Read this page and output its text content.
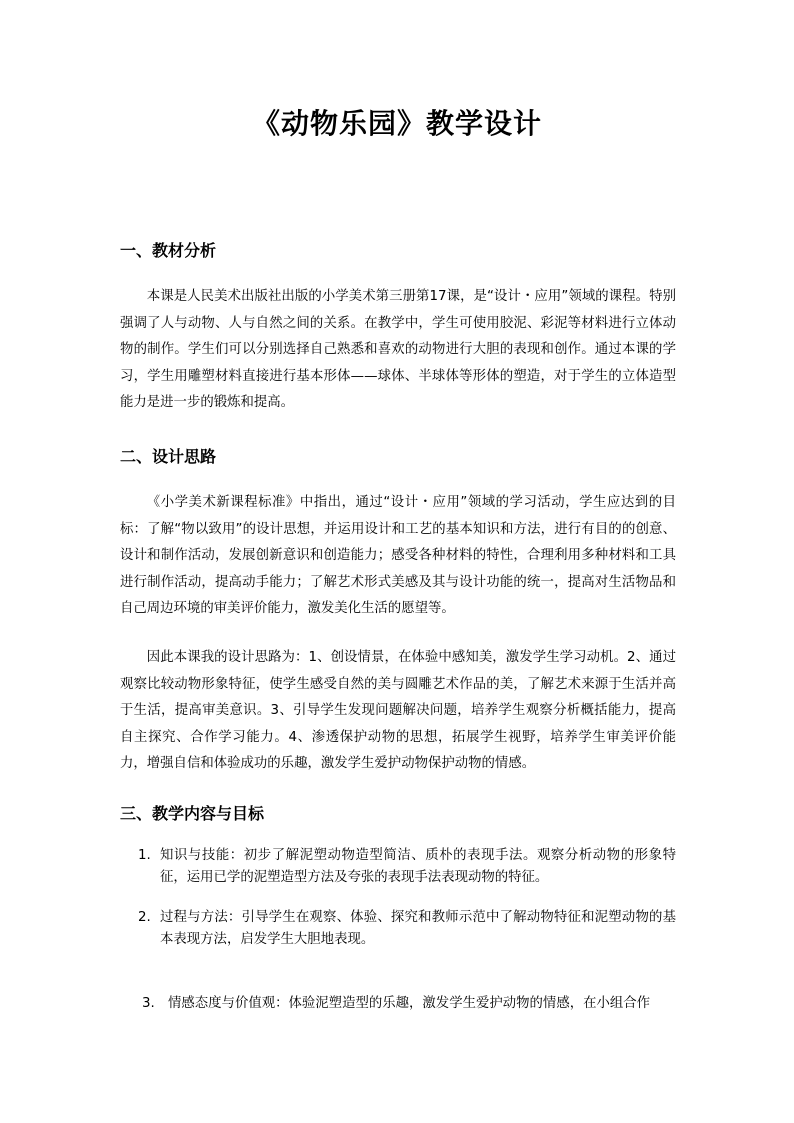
《动物乐园》教学设计
一、教材分析

本课是人民美术出版社出版的小学美术第三册第17课，是“设计・应用”领域的课程。特别强调了人与动物、人与自然之间的关系。在教学中，学生可使用胶泥、彩泥等材料进行立体动物的制作。学生们可以分别选择自己熟悉和喜欢的动物进行大胆的表现和创作。通过本课的学习，学生用雕塑材料直接进行基本形体——球体、半球体等形体的塑造，对于学生的立体造型能力是进一步的锻炼和提高。

二、设计思路

《小学美术新课程标准》中指出，通过“设计・应用”领域的学习活动，学生应达到的目标：了解“物以致用”的设计思想，并运用设计和工艺的基本知识和方法，进行有目的的创意、设计和制作活动，发展创新意识和创造能力；感受各种材料的特性，合理利用多种材料和工具进行制作活动，提高动手能力；了解艺术形式美感及其与设计功能的统一，提高对生活物品和自己周边环境的审美评价能力，激发美化生活的愿望等。

因此本课我的设计思路为：1、创设情景，在体验中感知美，激发学生学习动机。2、通过观察比较动物形象特征，使学生感受自然的美与圆雕艺术作品的美，了解艺术来源于生活并高于生活，提高审美意识。3、引导学生发现问题解决问题，培养学生观察分析概括能力，提高自主探究、合作学习能力。4、渗透保护动物的思想，拓展学生视野，培养学生审美评价能力，增强自信和体验成功的乐趣，激发学生爱护动物保护动物的情感。

三、教学内容与目标
1. 知识与技能：初步了解泥塑动物造型简洁、质朴的表现手法。观察分析动物的形象特征，运用已学的泥塑造型方法及夸张的表现手法表现动物的特征。
2. 过程与方法：引导学生在观察、体验、探究和教师示范中了解动物特征和泥塑动物的基本表现方法，启发学生大胆地表现。
3. 情感态度与价值观：体验泥塑造型的乐趣，激发学生爱护动物的情感，在小组合作
